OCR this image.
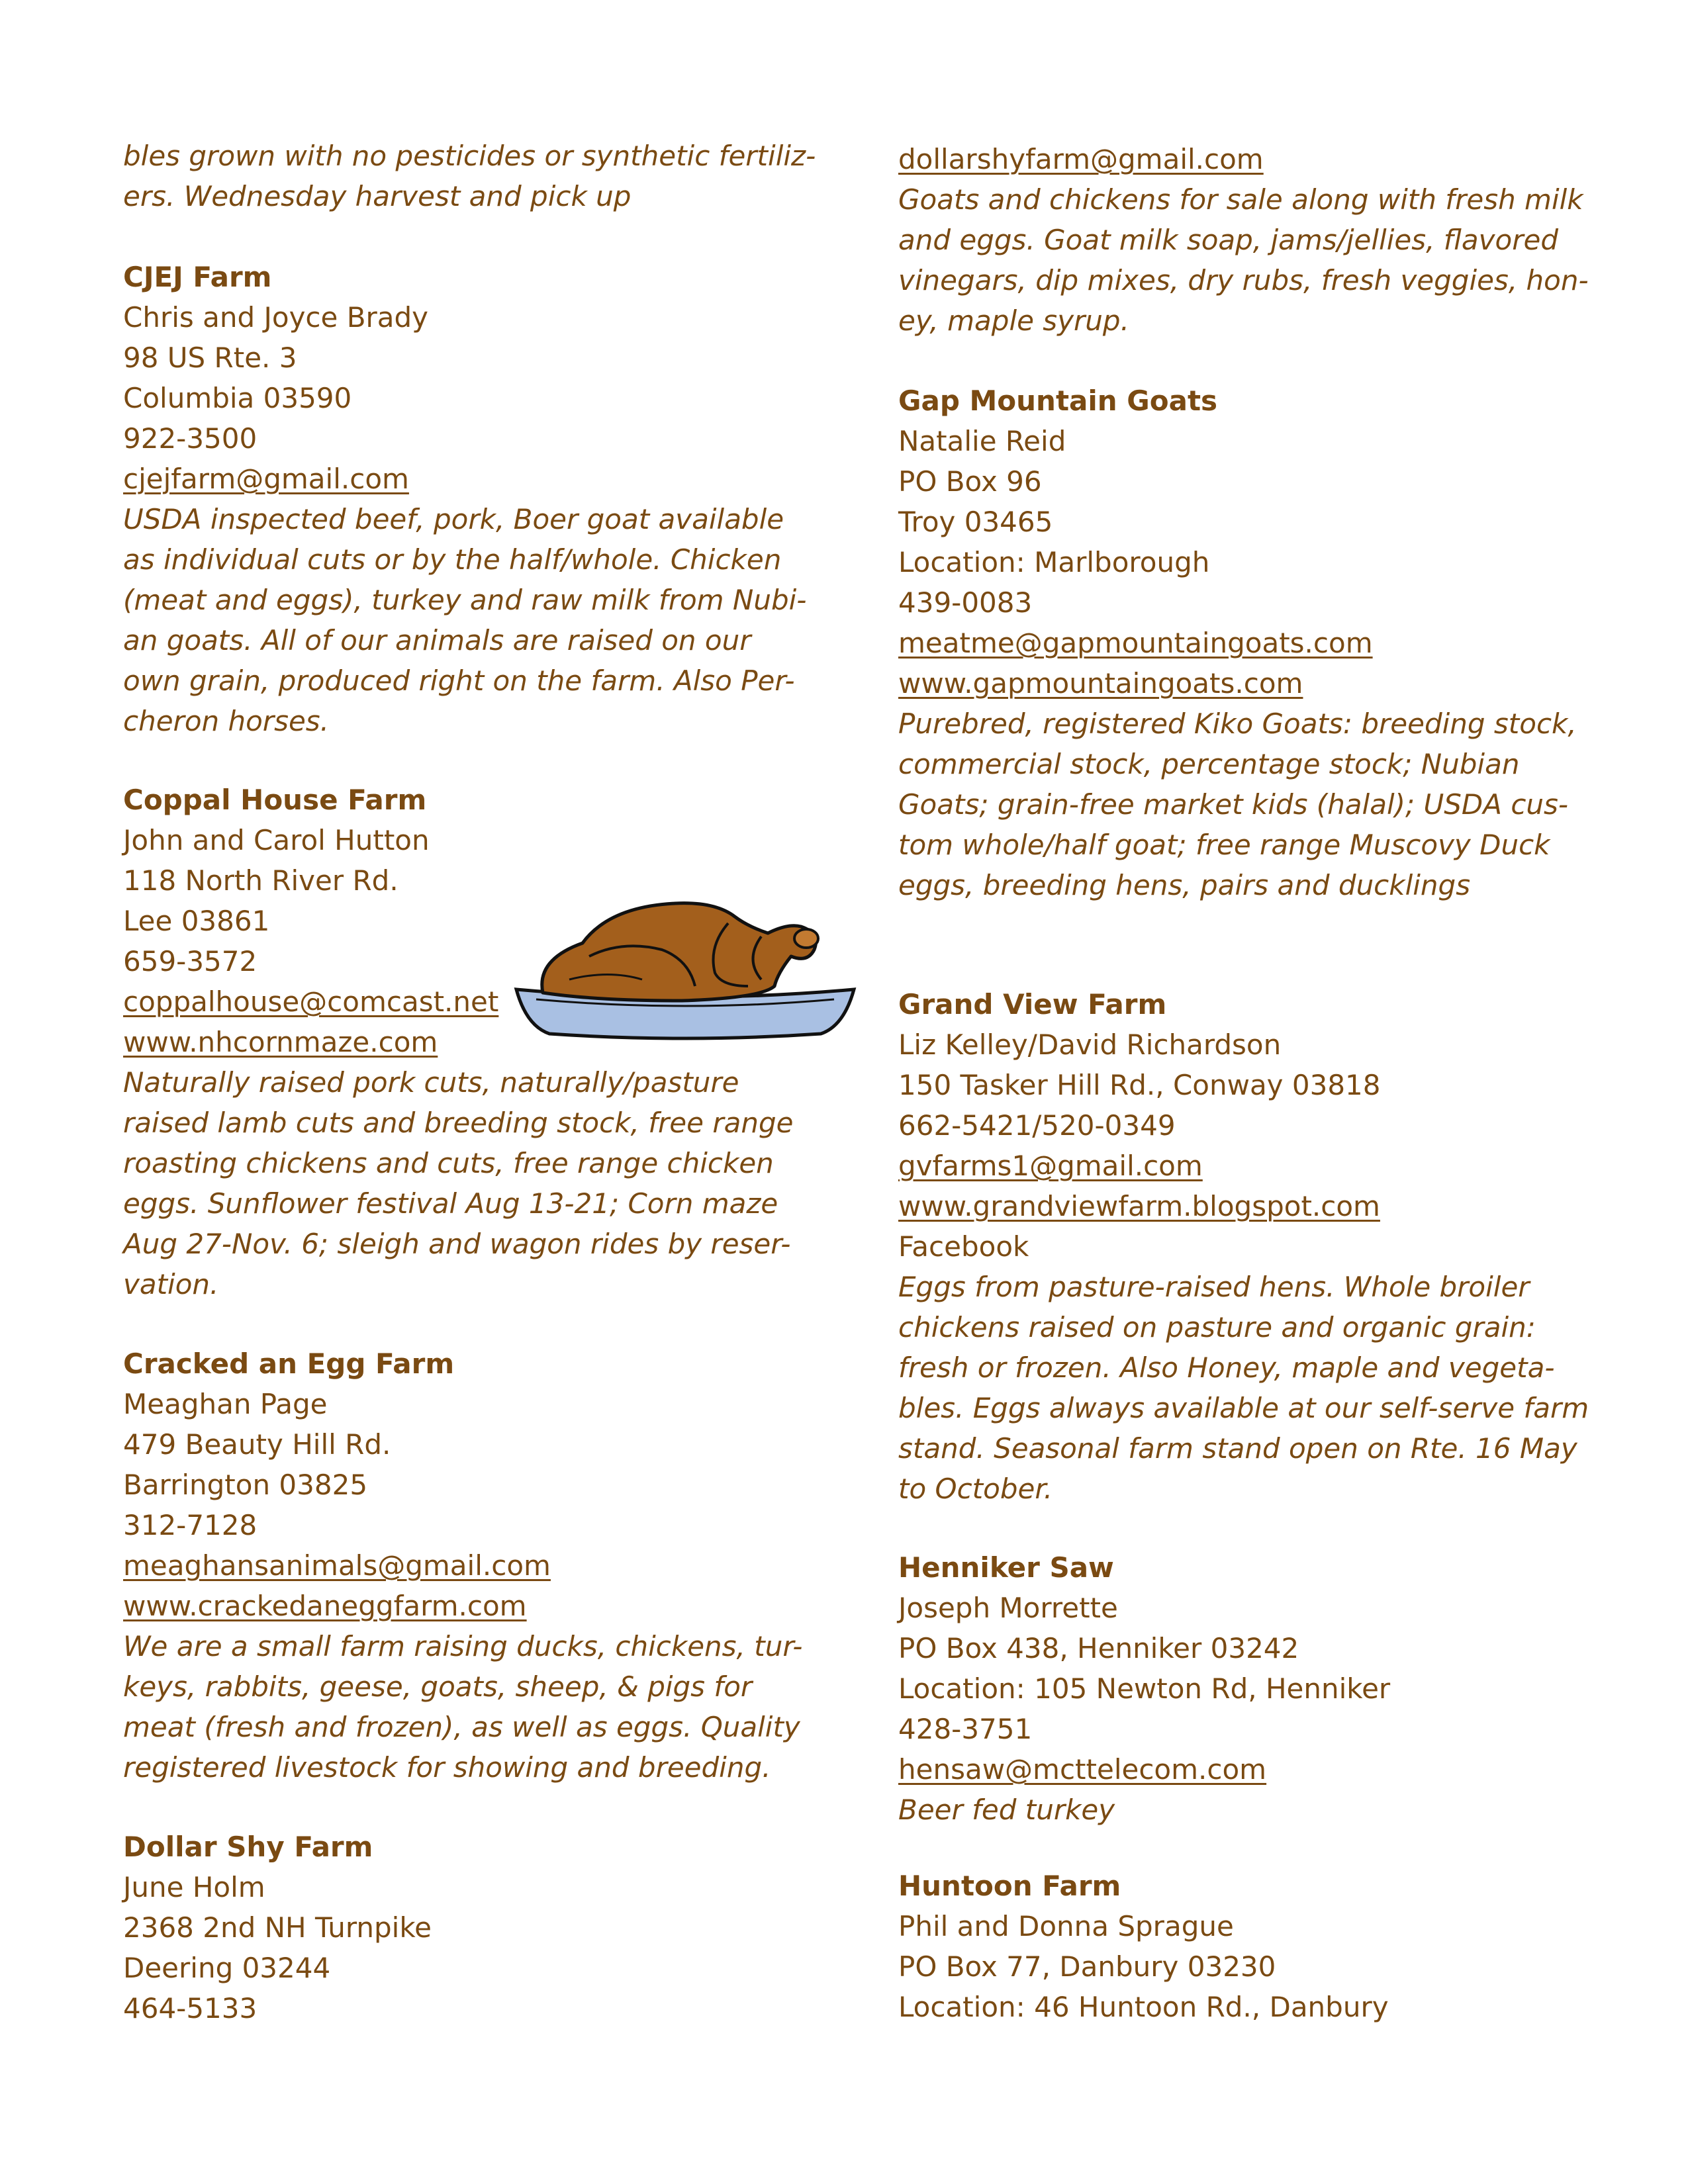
bles grown with no pesticides or synthetic fertiliz-
ers. Wednesday harvest and pick up
CJEJ Farm
Chris and Joyce Brady
98 US Rte. 3
Columbia 03590
922-3500
cjejfarm@gmail.com
USDA inspected beef, pork, Boer goat available
as individual cuts or by the half/whole. Chicken
(meat and eggs), turkey and raw milk from Nubi-
an goats. All of our animals are raised on our
own grain, produced right on the farm. Also Per-
cheron horses.
Coppal House Farm
John and Carol Hutton
118 North River Rd.
Lee 03861
659-3572
coppalhouse@comcast.net
www.nhcornmaze.com
Naturally raised pork cuts, naturally/pasture
raised lamb cuts and breeding stock, free range
roasting chickens and cuts, free range chicken
eggs. Sunflower festival Aug 13-21; Corn maze
Aug 27-Nov. 6; sleigh and wagon rides by reser-
vation.
Cracked an Egg Farm
Meaghan Page
479 Beauty Hill Rd.
Barrington 03825
312-7128
meaghansanimals@gmail.com
www.crackedaneggfarm.com
We are a small farm raising ducks, chickens, tur-
keys, rabbits, geese, goats, sheep, & pigs for
meat (fresh and frozen), as well as eggs. Quality
registered livestock for showing and breeding.
Dollar Shy Farm
June Holm
2368 2nd NH Turnpike
Deering 03244
464-5133
dollarshyfarm@gmail.com
Goats and chickens for sale along with fresh milk
and eggs. Goat milk soap, jams/jellies, flavored
vinegars, dip mixes, dry rubs, fresh veggies, hon-
ey, maple syrup.
Gap Mountain Goats
Natalie Reid
PO Box 96
Troy 03465
Location: Marlborough
439-0083
meatme@gapmountaingoats.com
www.gapmountaingoats.com
Purebred, registered Kiko Goats: breeding stock,
commercial stock, percentage stock; Nubian
Goats; grain-free market kids (halal); USDA cus-
tom whole/half goat; free range Muscovy Duck
eggs, breeding hens, pairs and ducklings
Grand View Farm
Liz Kelley/David Richardson
150 Tasker Hill Rd., Conway 03818
662-5421/520-0349
gvfarms1@gmail.com
www.grandviewfarm.blogspot.com
Facebook
Eggs from pasture-raised hens. Whole broiler
chickens raised on pasture and organic grain:
fresh or frozen. Also Honey, maple and vegeta-
bles. Eggs always available at our self-serve farm
stand. Seasonal farm stand open on Rte. 16 May
to October.
Henniker Saw
Joseph Morrette
PO Box 438, Henniker 03242
Location: 105 Newton Rd, Henniker
428-3751
hensaw@mcttelecom.com
Beer fed turkey
Huntoon Farm
Phil and Donna Sprague
PO Box 77, Danbury 03230
Location: 46 Huntoon Rd., Danbury
